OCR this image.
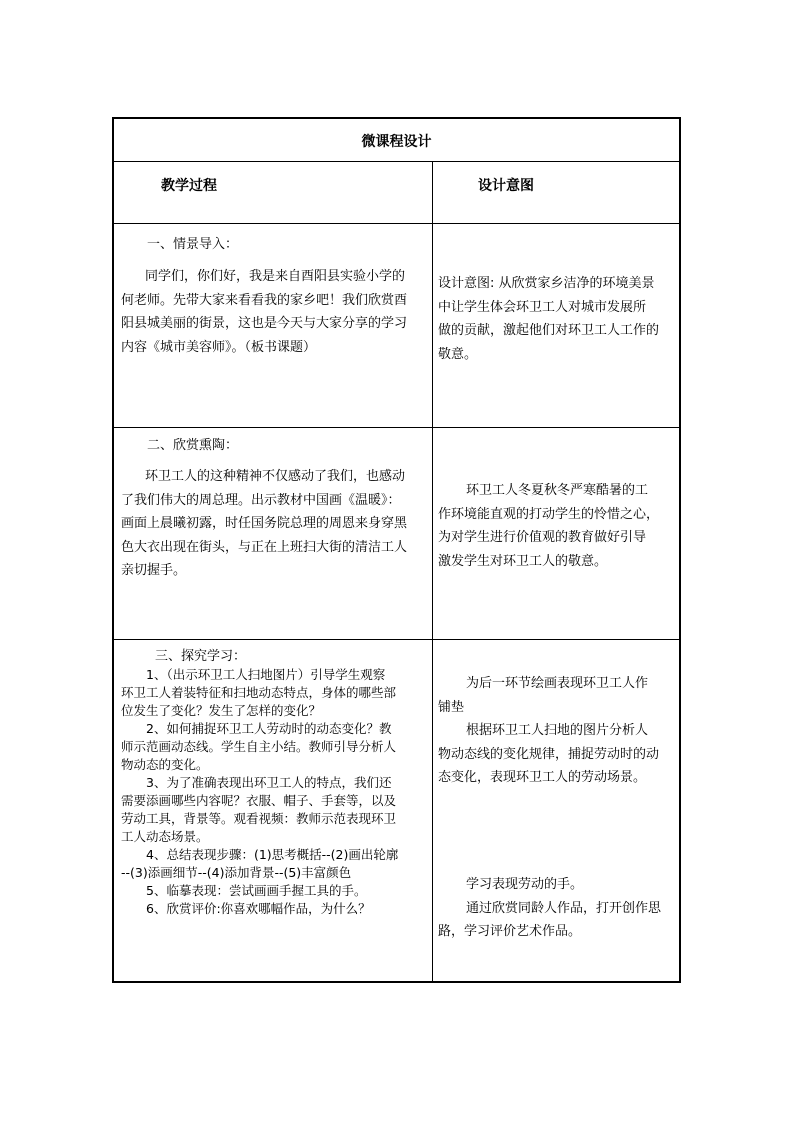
微课程设计
教学过程	设计意图
一、情景导入：

同学们，你们好，我是来自酉阳县实验小学的

何老师。先带大家来看看我的家乡吧！我们欣赏酉

阳县城美丽的街景，这也是今天与大家分享的学习

内容《城市美容师》。（板书课题）

设计意图: 从欣赏家乡洁净的环境美景

中让学生体会环卫工人对城市发展所

做的贡献，激起他们对环卫工人工作的

敬意。

二、欣赏熏陶：

环卫工人的这种精神不仅感动了我们，也感动

了我们伟大的周总理。出示教材中国画《温暖》：

画面上晨曦初露，时任国务院总理的周恩来身穿黑

色大衣出现在街头，与正在上班扫大街的清洁工人

亲切握手。

环卫工人冬夏秋冬严寒酷暑的工

作环境能直观的打动学生的怜惜之心，

为对学生进行价值观的教育做好引导

激发学生对环卫工人的敬意。

三、探究学习：

1、（出示环卫工人扫地图片）引导学生观察

环卫工人着装特征和扫地动态特点，身体的哪些部

位发生了变化？发生了怎样的变化？

2、如何捕捉环卫工人劳动时的动态变化？教

师示范画动态线。学生自主小结。教师引导分析人

物动态的变化。

3、为了准确表现出环卫工人的特点，我们还

需要添画哪些内容呢？衣服、帽子、手套等，以及

劳动工具，背景等。观看视频：教师示范表现环卫

工人动态场景。

4、总结表现步骤：(1)思考概括--(2)画出轮廓

--(3)添画细节--(4)添加背景--(5)丰富颜色

5、临摹表现：尝试画画手握工具的手。

6、欣赏评价:你喜欢哪幅作品，为什么？

为后一环节绘画表现环卫工人作

铺垫

根据环卫工人扫地的图片分析人

物动态线的变化规律，捕捉劳动时的动

态变化，表现环卫工人的劳动场景。

学习表现劳动的手。

通过欣赏同龄人作品，打开创作思

路，学习评价艺术作品。
